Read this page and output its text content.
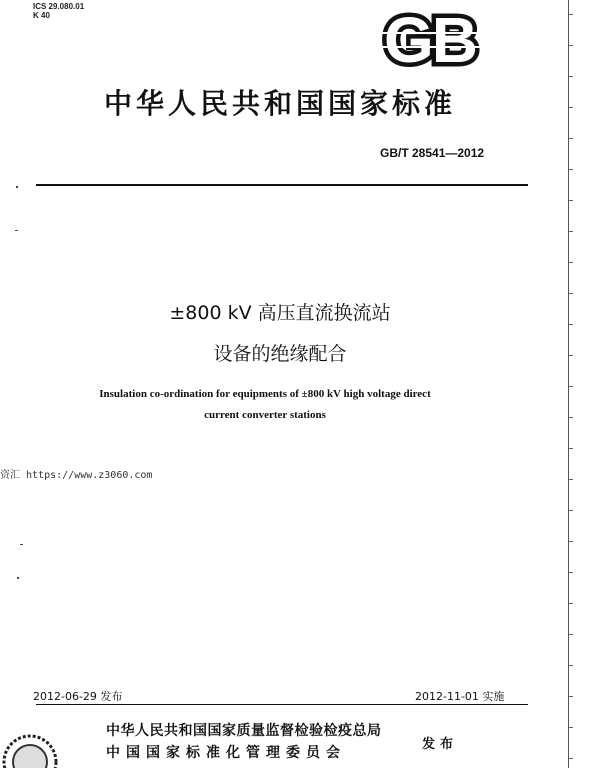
ICS 29.080.01
K 40	GB
中华人民共和国国家标准
GB/T 28541—2012
±800 kV 高压直流换流站
设备的绝缘配合
Insulation co-ordination for equipments of ±800 kV high voltage direct
current converter stations
资汇 https://www.z3060.com
2012-06-29 发布	2012-11-01 实施
中华人民共和国国家质量监督检验检疫总局
中国国家标准化管理委员会
发布
